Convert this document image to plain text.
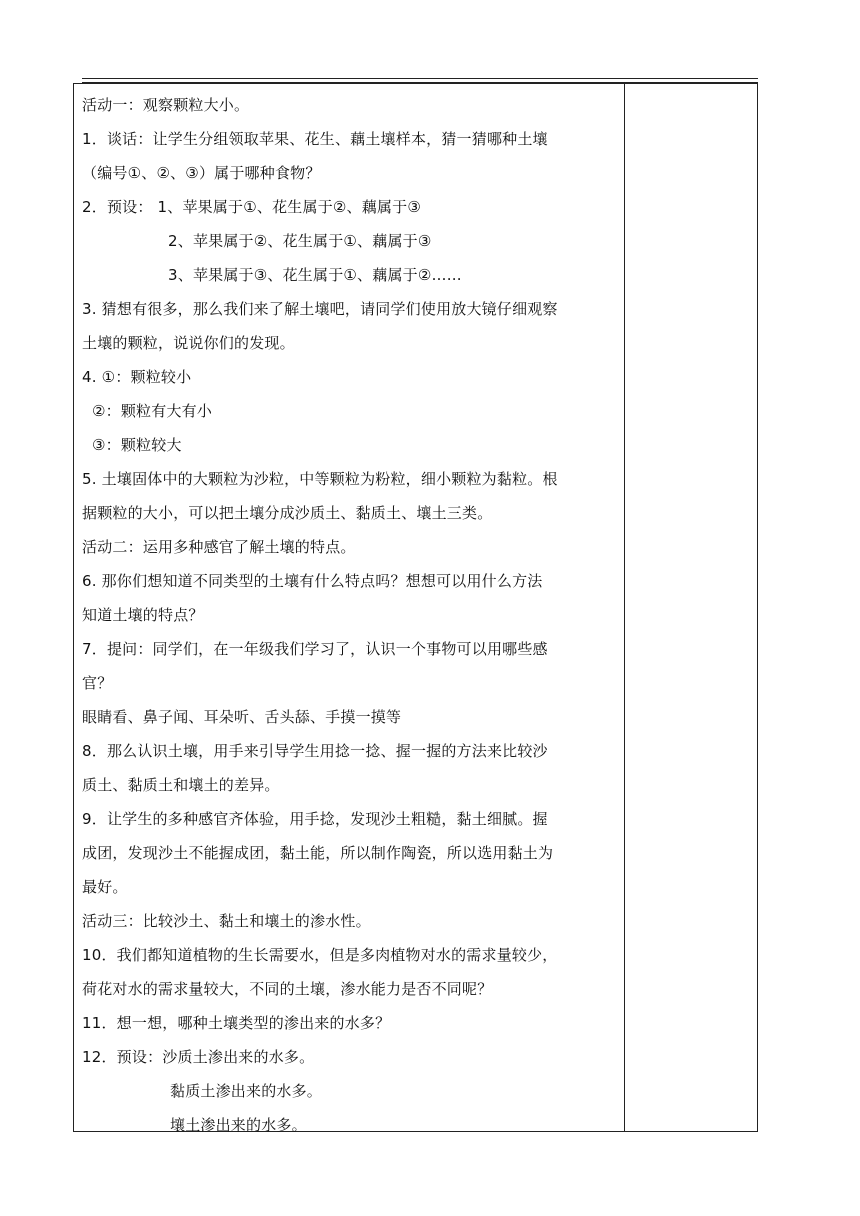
活动一：观察颗粒大小。
1．谈话：让学生分组领取苹果、花生、藕土壤样本，猜一猜哪种土壤
（编号①、②、③）属于哪种食物？
2．预设： 1、苹果属于①、花生属于②、藕属于③
2、苹果属于②、花生属于①、藕属于③
3、苹果属于③、花生属于①、藕属于②……
3. 猜想有很多，那么我们来了解土壤吧，请同学们使用放大镜仔细观察
土壤的颗粒，说说你们的发现。
4. ①：颗粒较小
②：颗粒有大有小
③：颗粒较大
5. 土壤固体中的大颗粒为沙粒，中等颗粒为粉粒，细小颗粒为黏粒。根
据颗粒的大小，可以把土壤分成沙质土、黏质土、壤土三类。
活动二：运用多种感官了解土壤的特点。
6. 那你们想知道不同类型的土壤有什么特点吗？想想可以用什么方法
知道土壤的特点？
7．提问：同学们，在一年级我们学习了，认识一个事物可以用哪些感
官？
眼睛看、鼻子闻、耳朵听、舌头舔、手摸一摸等
8．那么认识土壤，用手来引导学生用捻一捻、握一握的方法来比较沙
质土、黏质土和壤土的差异。
9．让学生的多种感官齐体验，用手捻，发现沙土粗糙，黏土细腻。握
成团，发现沙土不能握成团，黏土能，所以制作陶瓷，所以选用黏土为
最好。
活动三：比较沙土、黏土和壤土的渗水性。
10．我们都知道植物的生长需要水，但是多肉植物对水的需求量较少，
荷花对水的需求量较大，不同的土壤，渗水能力是否不同呢？
11．想一想，哪种土壤类型的渗出来的水多？
12．预设：沙质土渗出来的水多。
黏质土渗出来的水多。
壤土渗出来的水多。
